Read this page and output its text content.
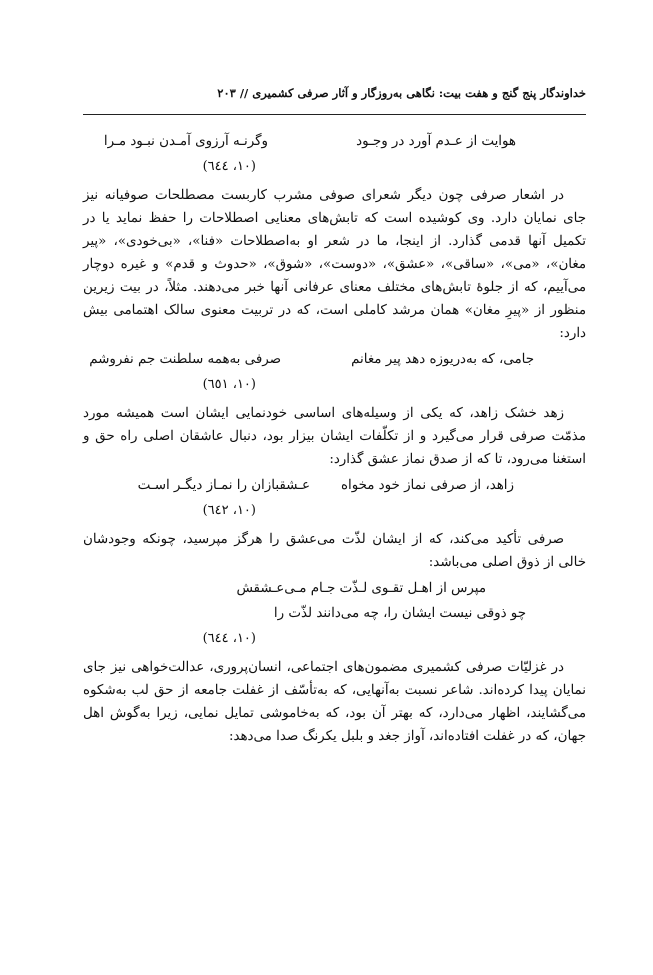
خداوندگار پنج گنج و هفت بیت: نگاهی به‌روزگار و آثار صرفی کشمیری // ۲۰۳
هوایت از عـدم آورد در وجـود
وگرنـه آرزوی آمـدن نبـود مـرا
(۱۰، ٦٤٤)

در اشعار صرفی چون دیگر شعرای صوفی مشرب کاربست مصطلحات صوفیانه نیز جای نمایان دارد. وی کوشیده است که تابش‌های معنایی اصطلاحات را حفظ نماید یا در تکمیل آنها قدمی گذارد. از اینجا، ما در شعر او به‌اصطلاحات «فنا»، «بی‌خودی»، «پیر مغان»، «می»، «ساقی»، «عشق»، «دوست»، «شوق»، «حدوث و قدم» و غیره دوچار می‌آییم، که از جلوهٔ تابش‌های مختلف معنای عرفانی آنها خبر می‌دهند. مثلاً، در بیت زیرین منظور از «پیرِ مغان» همان مرشد کاملی است، که در تربیت معنوی سالک اهتمامی بیش دارد:

جامی، که به‌دریوزه دهد پیر مغانم
صرفی به‌همه سلطنت جم نفروشم
(۱۰، ٦٥۱)

زهد خشک زاهد، که یکی از وسیله‌های اساسی خودنمایی ایشان است همیشه مورد مذمّت صرفی قرار می‌گیرد و از تکلّفات ایشان بیزار بود، دنبال عاشقان اصلی راه حق و استغنا می‌رود، تا که از صدق نماز عشق گذارد:

زاهد، از صرفی نماز خود مخواه
عـشقبازان را نمـاز دیگـر اسـت
(۱۰، ٦٤۲)

صرفی تأکید می‌کند، که از ایشان لذّت می‌عشق را هرگز مپرسید، چونکه وجودشان خالی از ذوق اصلی می‌باشد:

مپرس از اهـل تقـوی لـذّت جـام مـی‌عـشقش
چو ذوقی نیست ایشان را، چه می‌دانند لذّت را
(۱۰، ٦٤٤)

در غزلیّات صرفی کشمیری مضمون‌های اجتماعی، انسان‌پروری، عدالت‌خواهی نیز جای نمایان پیدا کرده‌اند. شاعر نسبت به‌آنهایی، که به‌تأسّف از غفلت جامعه از حق لب به‌شکوه می‌گشایند، اظهار می‌دارد، که بهتر آن بود، که به‌خاموشی تمایل نمایی، زیرا به‌گوش اهل جهان، که در غفلت افتاده‌اند، آواز جغد و بلبل یکرنگ صدا می‌دهد:
